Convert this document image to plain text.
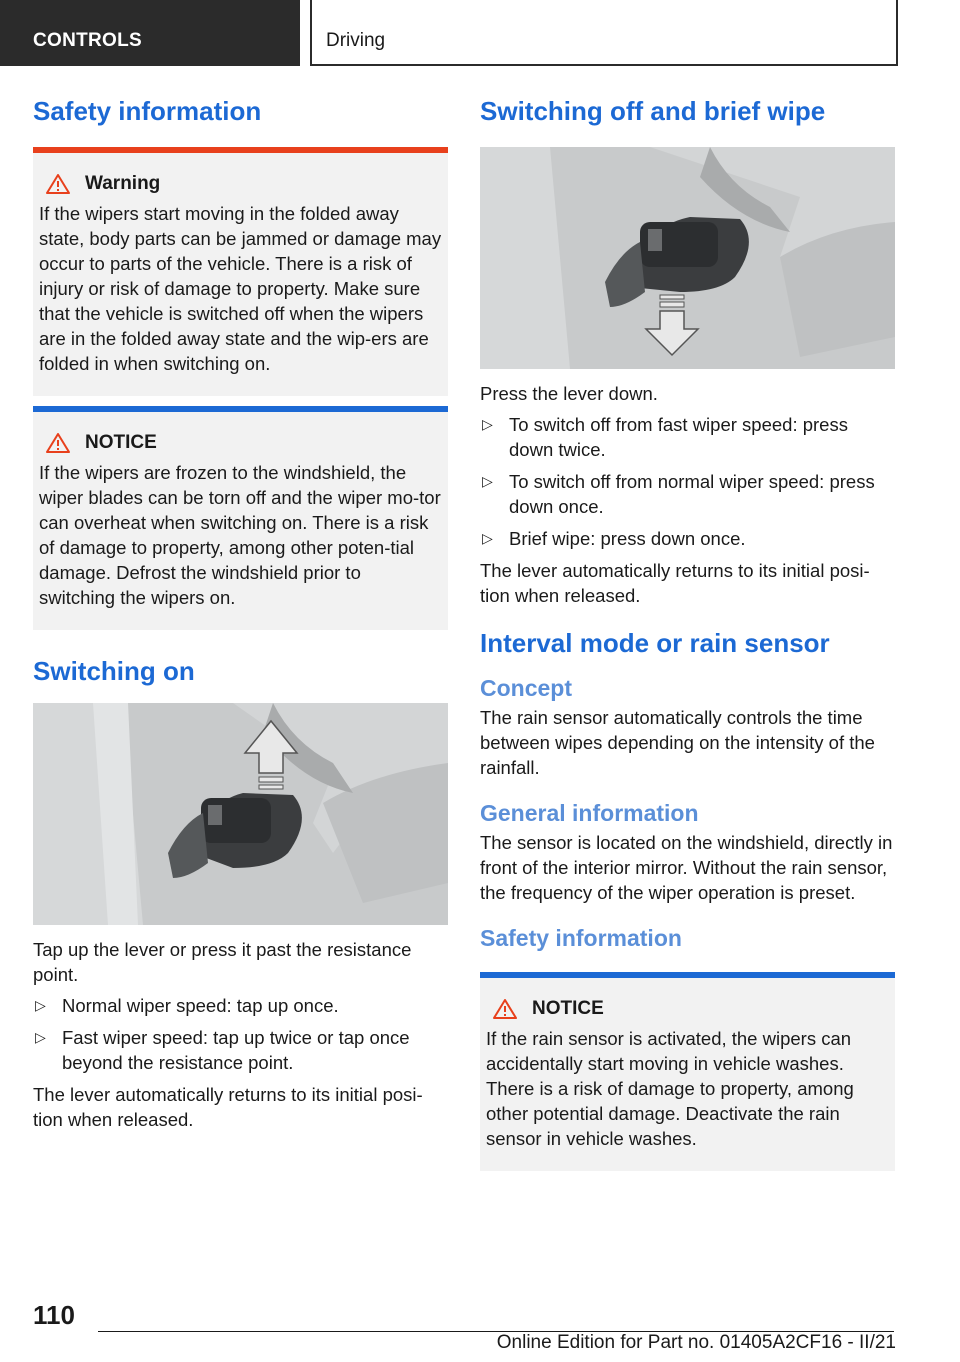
CONTROLS	Driving
Safety information
Warning

If the wipers start moving in the folded away state, body parts can be jammed or damage may occur to parts of the vehicle. There is a risk of injury or risk of damage to property. Make sure that the vehicle is switched off when the wipers are in the folded away state and the wip-ers are folded in when switching on.

NOTICE

If the wipers are frozen to the windshield, the wiper blades can be torn off and the wiper mo-tor can overheat when switching on. There is a risk of damage to property, among other poten-tial damage. Defrost the windshield prior to switching the wipers on.

Switching on

Tap up the lever or press it past the resistance point.

▷ Normal wiper speed: tap up once.
▷ Fast wiper speed: tap up twice or tap once beyond the resistance point.

The lever automatically returns to its initial posi-tion when released.

Switching off and brief wipe

Press the lever down.

▷ To switch off from fast wiper speed: press down twice.
▷ To switch off from normal wiper speed: press down once.
▷ Brief wipe: press down once.

The lever automatically returns to its initial posi-tion when released.

Interval mode or rain sensor
Concept

The rain sensor automatically controls the time between wipes depending on the intensity of the rainfall.

General information

The sensor is located on the windshield, directly in front of the interior mirror. Without the rain sensor, the frequency of the wiper operation is preset.

Safety information
NOTICE

If the rain sensor is activated, the wipers can accidentally start moving in vehicle washes. There is a risk of damage to property, among other potential damage. Deactivate the rain sensor in vehicle washes.

110
Online Edition for Part no. 01405A2CF16 - II/21
